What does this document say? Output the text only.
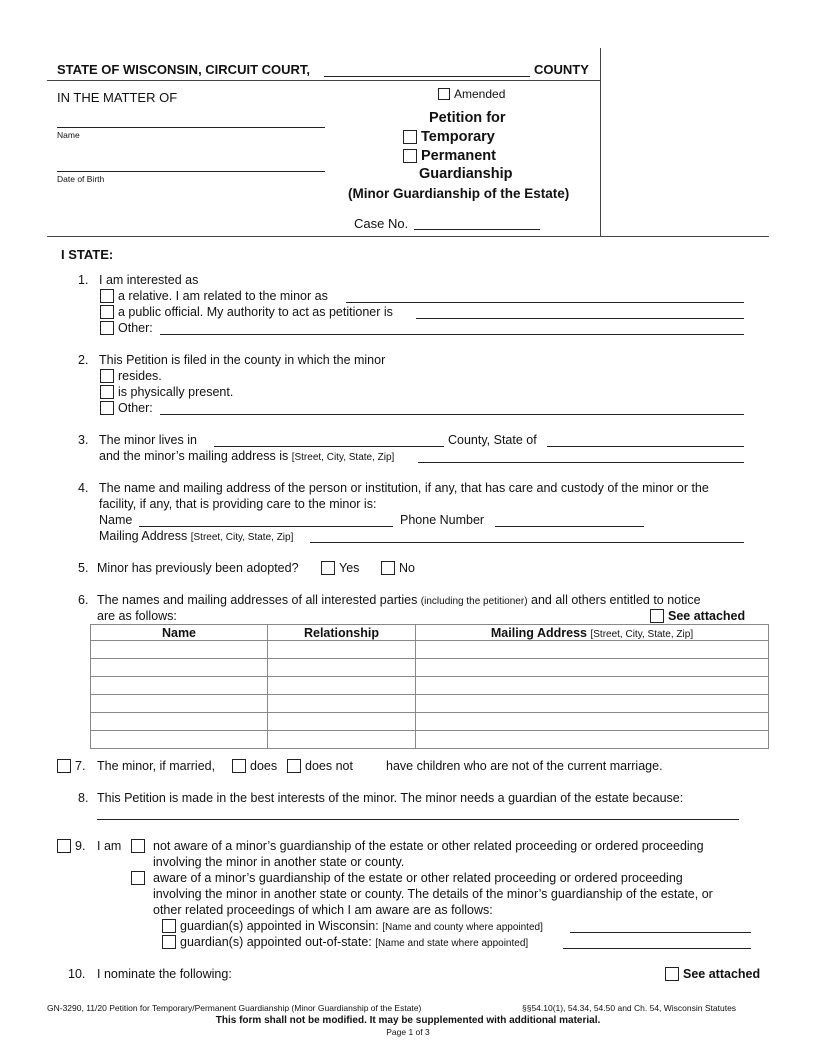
STATE OF WISCONSIN, CIRCUIT COURT,	COUNTY
IN THE MATTER OF
Name
Date of Birth
Amended
Petition for
Temporary
Permanent
Guardianship
(Minor Guardianship of the Estate)
Case No.
I STATE:
1. I am interested as
a relative. I am related to the minor as
a public official. My authority to act as petitioner is
Other:
2. This Petition is filed in the county in which the minor
resides.
is physically present.
Other:
3. The minor lives in	County, State of
and the minor’s mailing address is [Street, City, State, Zip]
4. The name and mailing address of the person or institution, if any, that has care and custody of the minor or the
facility, if any, that is providing care to the minor is:
Name	Phone Number
Mailing Address [Street, City, State, Zip]
5. Minor has previously been adopted?	Yes	No
6. The names and mailing addresses of all interested parties (including the petitioner) and all others entitled to notice
are as follows:	See attached
Name	Relationship	Mailing Address [Street, City, State, Zip]

7. The minor, if married,	does	does not	have children who are not of the current marriage.
8. This Petition is made in the best interests of the minor. The minor needs a guardian of the estate because:
9. I am	not aware of a minor’s guardianship of the estate or other related proceeding or ordered proceeding
involving the minor in another state or county.
aware of a minor’s guardianship of the estate or other related proceeding or ordered proceeding
involving the minor in another state or county. The details of the minor’s guardianship of the estate, or
other related proceedings of which I am aware are as follows:
guardian(s) appointed in Wisconsin: [Name and county where appointed]
guardian(s) appointed out-of-state: [Name and state where appointed]
10. I nominate the following:	See attached
GN-3290, 11/20 Petition for Temporary/Permanent Guardianship (Minor Guardianship of the Estate)	§§54.10(1), 54.34, 54.50 and Ch. 54, Wisconsin Statutes
This form shall not be modified. It may be supplemented with additional material.
Page 1 of 3
